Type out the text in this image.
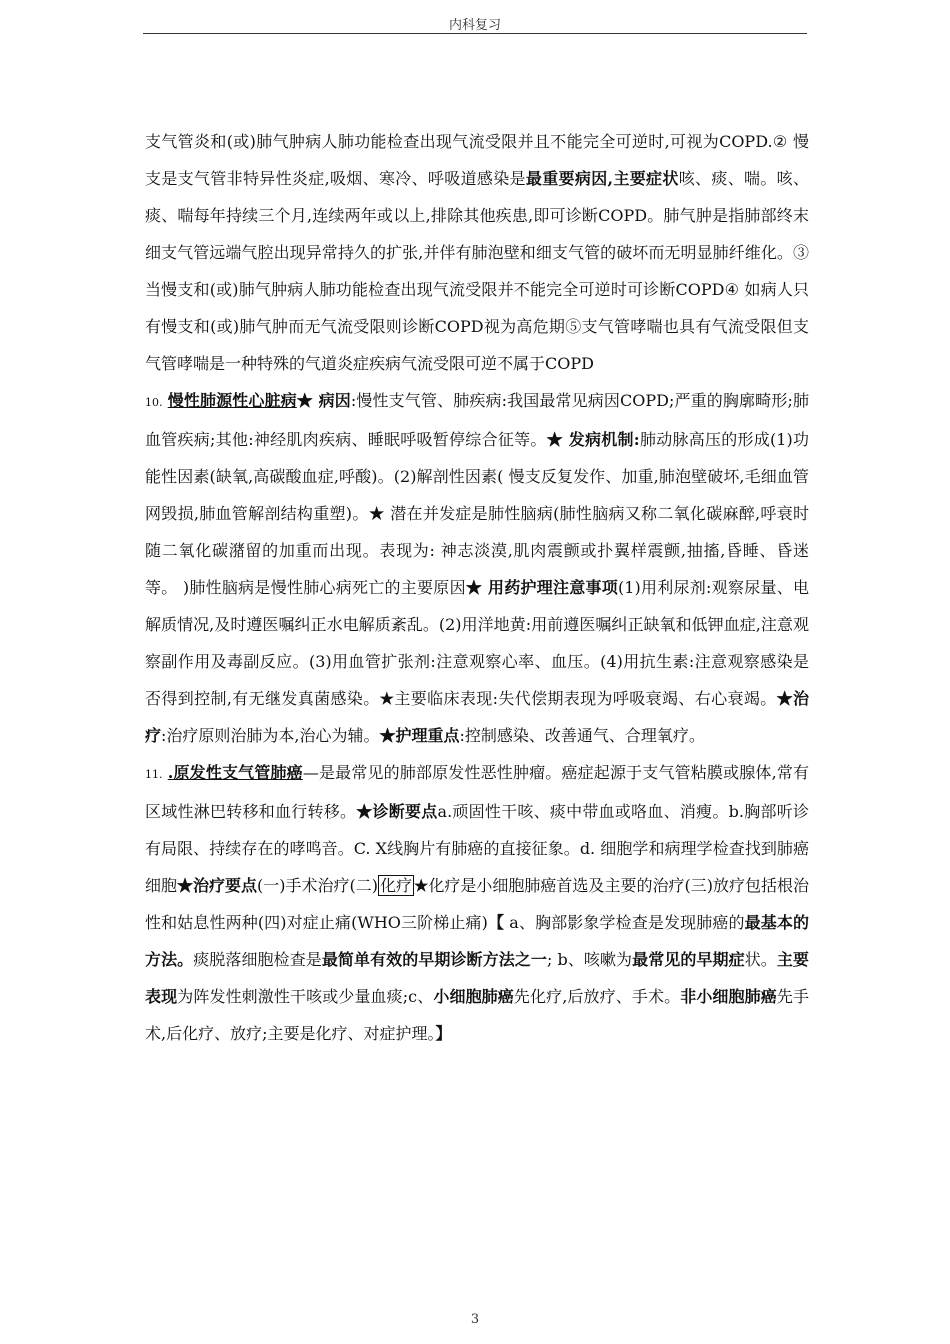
内科复习

支气管炎和(或)肺气肿病人肺功能检查出现气流受限并且不能完全可逆时,可视为COPD.② 慢支是支气管非特异性炎症,吸烟、寒冷、呼吸道感染是最重要病因,主要症状咳、痰、喘。咳、痰、喘每年持续三个月,连续两年或以上,排除其他疾患,即可诊断COPD。肺气肿是指肺部终末细支气管远端气腔出现异常持久的扩张,并伴有肺泡壁和细支气管的破坏而无明显肺纤维化。③当慢支和(或)肺气肿病人肺功能检查出现气流受限并不能完全可逆时可诊断COPD④ 如病人只有慢支和(或)肺气肿而无气流受限则诊断COPD视为高危期⑤支气管哮喘也具有气流受限但支气管哮喘是一种特殊的气道炎症疾病气流受限可逆不属于COPD

10. 慢性肺源性心脏病★ 病因:慢性支气管、肺疾病:我国最常见病因COPD;严重的胸廓畸形;肺血管疾病;其他:神经肌肉疾病、睡眠呼吸暂停综合征等。★ 发病机制:肺动脉高压的形成(1)功能性因素(缺氧,高碳酸血症,呼酸)。(2)解剖性因素( 慢支反复发作、加重,肺泡壁破坏,毛细血管网毁损,肺血管解剖结构重塑)。★ 潜在并发症是肺性脑病(肺性脑病又称二氧化碳麻醉,呼衰时随二氧化碳潴留的加重而出现。表现为: 神志淡漠,肌肉震颤或扑翼样震颤,抽搐,昏睡、昏迷等。 )肺性脑病是慢性肺心病死亡的主要原因★ 用药护理注意事项(1)用利尿剂:观察尿量、电解质情况,及时遵医嘱纠正水电解质紊乱。(2)用洋地黄:用前遵医嘱纠正缺氧和低钾血症,注意观察副作用及毒副反应。(3)用血管扩张剂:注意观察心率、血压。(4)用抗生素:注意观察感染是否得到控制,有无继发真菌感染。★主要临床表现:失代偿期表现为呼吸衰竭、右心衰竭。★治疗:治疗原则治肺为本,治心为辅。★护理重点:控制感染、改善通气、合理氧疗。

11. .原发性支气管肺癌—是最常见的肺部原发性恶性肿瘤。癌症起源于支气管粘膜或腺体,常有区域性淋巴转移和血行转移。★诊断要点a.顽固性干咳、痰中带血或咯血、消瘦。b.胸部听诊有局限、持续存在的哮鸣音。C. X线胸片有肺癌的直接征象。d. 细胞学和病理学检查找到肺癌细胞★治疗要点(一)手术治疗(二) 化疗 ★化疗是小细胞肺癌首选及主要的治疗(三)放疗包括根治性和姑息性两种(四)对症止痛(WHO三阶梯止痛)【 a、胸部影象学检查是发现肺癌的最基本的方法。痰脱落细胞检查是最简单有效的早期诊断方法之一; b、咳嗽为最常见的早期症状。主要表现为阵发性刺激性干咳或少量血痰;c、小细胞肺癌先化疗,后放疗、手术。非小细胞肺癌先手术,后化疗、放疗;主要是化疗、对症护理。】

3
